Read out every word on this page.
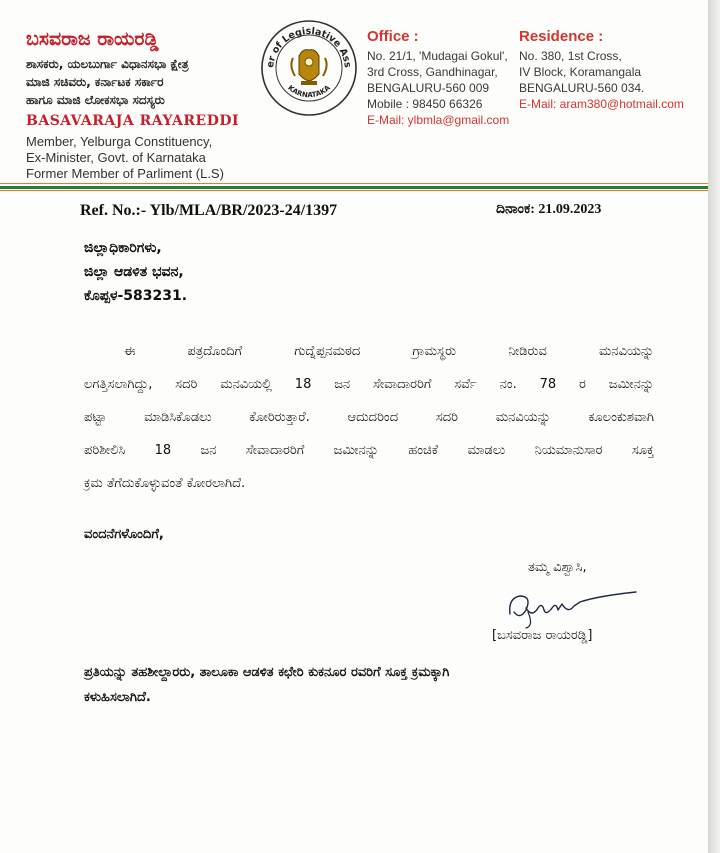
ಬಸವರಾಜ ರಾಯರಡ್ಡಿ
ಶಾಸಕರು, ಯಲಬುರ್ಗಾ ವಿಧಾನಸಭಾ ಕ್ಷೇತ್ರ
ಮಾಜಿ ಸಚಿವರು, ಕರ್ನಾಟಕ ಸರ್ಕಾರ
ಹಾಗೂ ಮಾಜಿ ಲೋಕಸಭಾ ಸದಸ್ಯರು
BASAVARAJA RAYAREDDI
Member, Yelburga Constituency,
Ex-Minister, Govt. of Karnataka
Former Member of Parliment (L.S)
er of Legislative Ass
KARNATAKA
Office :
No. 21/1, 'Mudagai Gokul',
3rd Cross, Gandhinagar,
BENGALURU-560 009
Mobile : 98450 66326
E-Mail: ylbmla@gmail.com
Residence :
No. 380, 1st Cross,
IV Block, Koramangala
BENGALURU-560 034.
E-Mail: aram380@hotmail.com
Ref. No.:- Ylb/MLA/BR/2023-24/1397	ದಿನಾಂಕ: 21.09.2023
ಜಿಲ್ಲಾಧಿಕಾರಿಗಳು,
ಜಿಲ್ಲಾ ಆಡಳಿತ ಭವನ,
ಕೊಪ್ಪಳ-583231.
ಈ ಪತ್ರದೊಂದಿಗೆ ಗುದ್ನೆಪ್ಪನಮಠದ ಗ್ರಾಮಸ್ಥರು ನೀಡಿರುವ ಮನವಿಯನ್ನು
ಲಗತ್ತಿಸಲಾಗಿದ್ದು, ಸದರಿ ಮನವಿಯಲ್ಲಿ 18 ಜನ ಸೇವಾದಾರರಿಗೆ ಸರ್ವೆ ನಂ. 78 ರ ಜಮೀನನ್ನು
ಪಟ್ಟಾ ಮಾಡಿಸಿಕೊಡಲು ಕೋರಿರುತ್ತಾರೆ. ಆದುದರಿಂದ ಸದರಿ ಮನವಿಯನ್ನು ಕೂಲಂಕುಶವಾಗಿ
ಪರಿಶೀಲಿಸಿ 18 ಜನ ಸೇವಾದಾರರಿಗೆ ಜಮೀನನ್ನು ಹಂಚಿಕೆ ಮಾಡಲು ನಿಯಮಾನುಸಾರ ಸೂಕ್ತ
ಕ್ರಮ ತೆಗೆದುಕೊಳ್ಳುವಂತೆ ಕೋರಲಾಗಿದೆ.
ವಂದನೆಗಳೊಂದಿಗೆ,
ತಮ್ಮ ವಿಶ್ವಾಸಿ,
[ಬಸವರಾಜ ರಾಯರಡ್ಡಿ]
ಪ್ರತಿಯನ್ನು ತಹಶೀಲ್ದಾರರು, ತಾಲೂಕಾ ಆಡಳಿತ ಕಛೇರಿ ಕುಕನೂರ ರವರಿಗೆ ಸೂಕ್ತ ಕ್ರಮಕ್ಕಾಗಿ
ಕಳುಹಿಸಲಾಗಿದೆ.
